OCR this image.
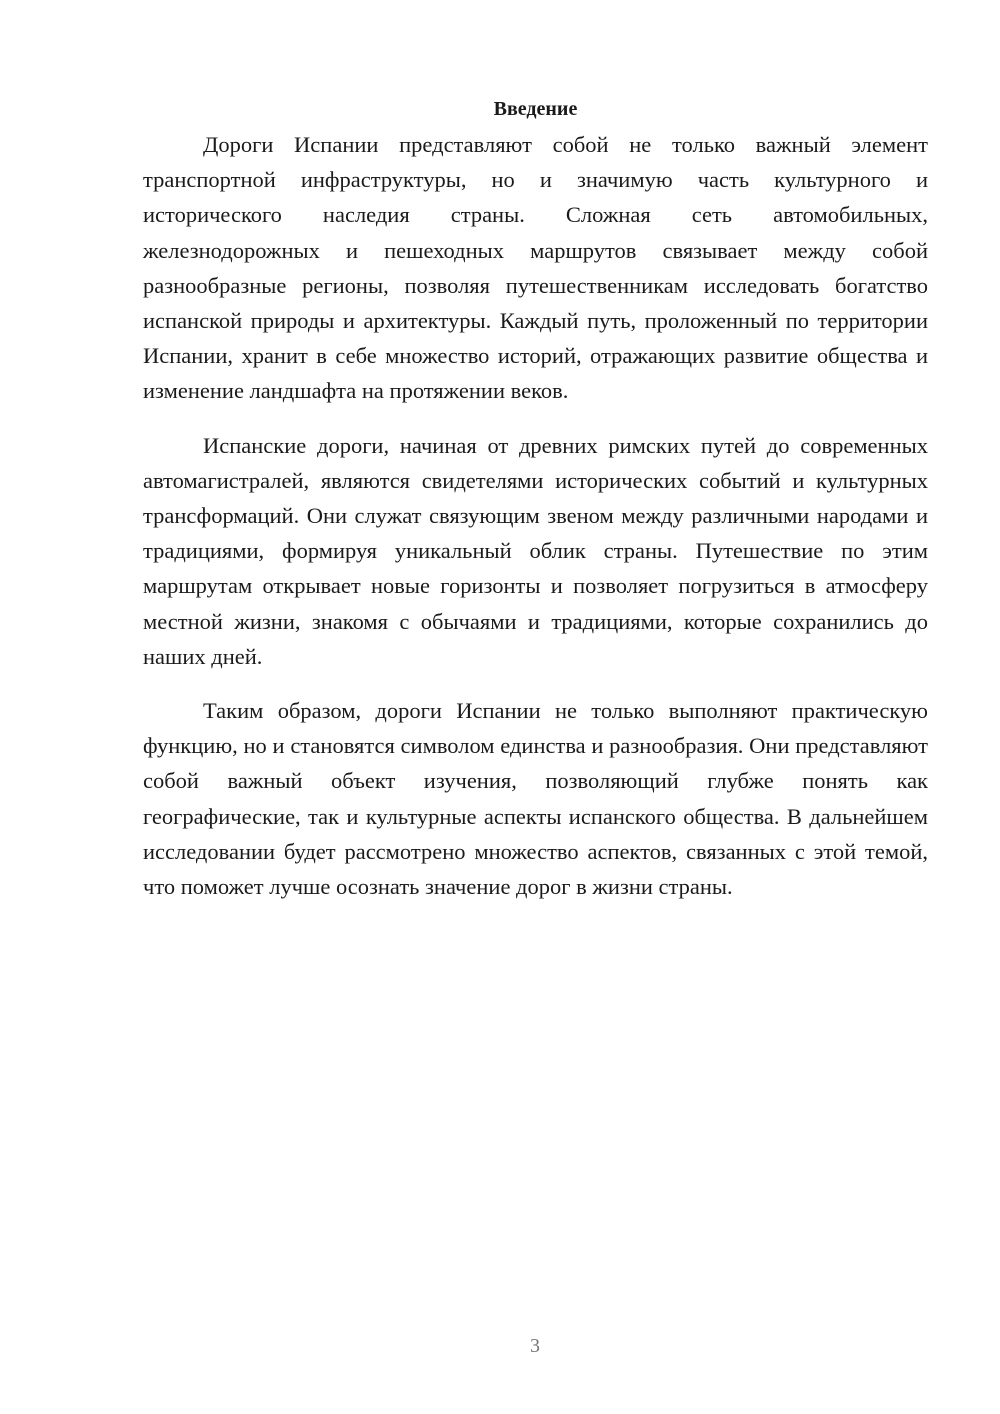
Введение

Дороги Испании представляют собой не только важный элемент транспортной инфраструктуры, но и значимую часть культурного и исторического наследия страны. Сложная сеть автомобильных, железнодорожных и пешеходных маршрутов связывает между собой разнообразные регионы, позволяя путешественникам исследовать богатство испанской природы и архитектуры. Каждый путь, проложенный по территории Испании, хранит в себе множество историй, отражающих развитие общества и изменение ландшафта на протяжении веков.

Испанские дороги, начиная от древних римских путей до современных автомагистралей, являются свидетелями исторических событий и культурных трансформаций. Они служат связующим звеном между различными народами и традициями, формируя уникальный облик страны. Путешествие по этим маршрутам открывает новые горизонты и позволяет погрузиться в атмосферу местной жизни, знакомя с обычаями и традициями, которые сохранились до наших дней.

Таким образом, дороги Испании не только выполняют практическую функцию, но и становятся символом единства и разнообразия. Они представляют собой важный объект изучения, позволяющий глубже понять как географические, так и культурные аспекты испанского общества. В дальнейшем исследовании будет рассмотрено множество аспектов, связанных с этой темой, что поможет лучше осознать значение дорог в жизни страны.

3
